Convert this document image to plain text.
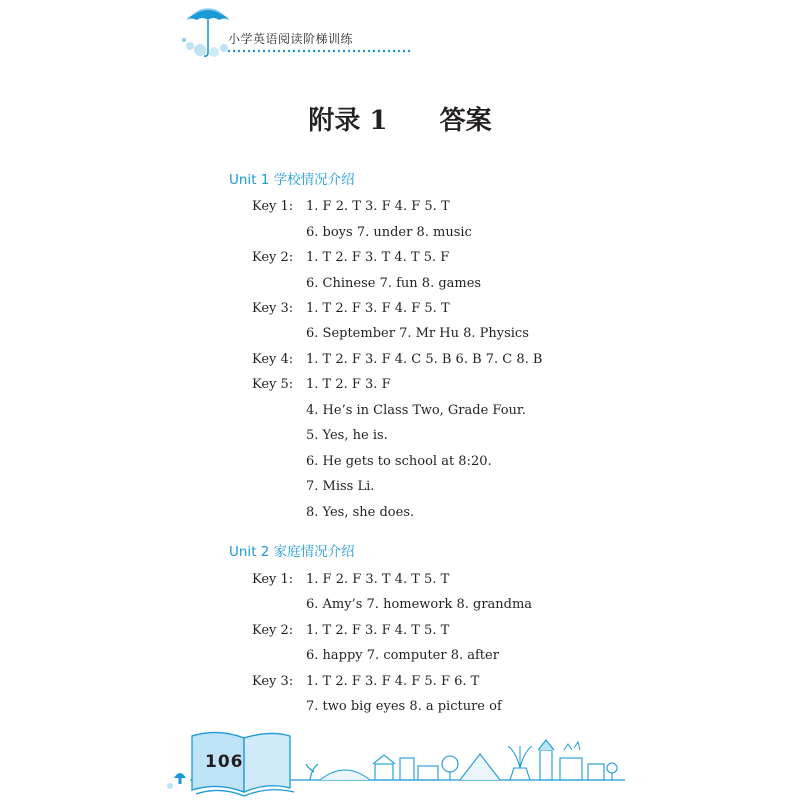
小学英语阅读阶梯训练
附录 1 答案
Unit 1 学校情况介绍
Key 1: 1. F 2. T 3. F 4. F 5. T
6. boys 7. under 8. music
Key 2: 1. T 2. F 3. T 4. T 5. F
6. Chinese 7. fun 8. games
Key 3: 1. T 2. F 3. F 4. F 5. T
6. September 7. Mr Hu 8. Physics
Key 4: 1. T 2. F 3. F 4. C 5. B 6. B 7. C 8. B
Key 5: 1. T 2. F 3. F
4. He’s in Class Two, Grade Four.
5. Yes, he is.
6. He gets to school at 8:20.
7. Miss Li.
8. Yes, she does.
Unit 2 家庭情况介绍
Key 1: 1. F 2. F 3. T 4. T 5. T
6. Amy’s 7. homework 8. grandma
Key 2: 1. T 2. F 3. F 4. T 5. T
6. happy 7. computer 8. after
Key 3: 1. T 2. F 3. F 4. F 5. F 6. T
7. two big eyes 8. a picture of
106
